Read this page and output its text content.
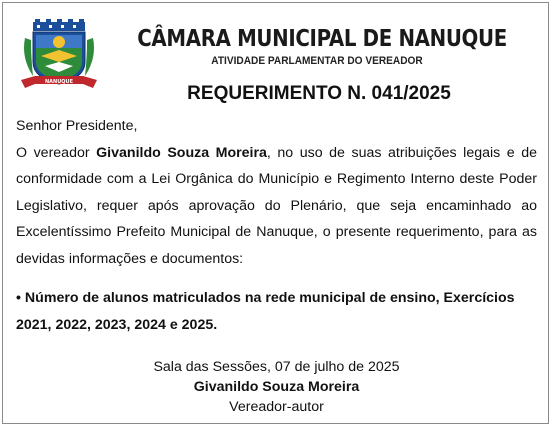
NANUQUE
CÂMARA MUNICIPAL DE NANUQUE
ATIVIDADE PARLAMENTAR DO VEREADOR
REQUERIMENTO N. 041/2025

Senhor Presidente,

O vereador Givanildo Souza Moreira, no uso de suas atribuições legais e de conformidade com a Lei Orgânica do Município e Regimento Interno deste Poder Legislativo, requer após aprovação do Plenário, que seja encaminhado ao Excelentíssimo Prefeito Municipal de Nanuque, o presente requerimento, para as devidas informações e documentos:

• Número de alunos matriculados na rede municipal de ensino, Exercícios 2021, 2022, 2023, 2024 e 2025.
Sala das Sessões, 07 de julho de 2025
Givanildo Souza Moreira
Vereador-autor
